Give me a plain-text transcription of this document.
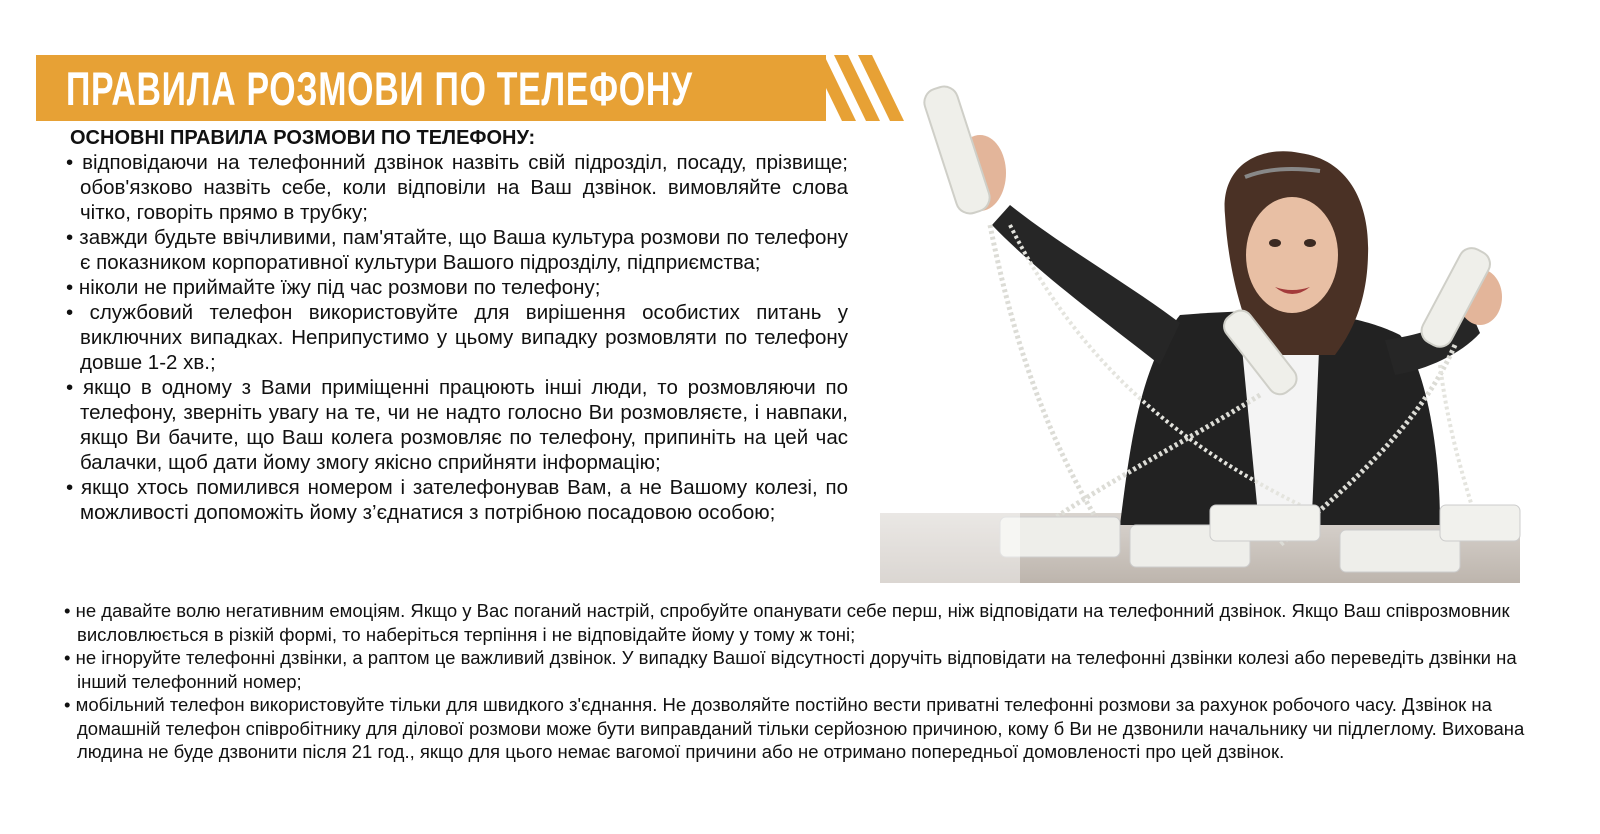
ПРАВИЛА РОЗМОВИ ПО ТЕЛЕФОНУ
ОСНОВНІ ПРАВИЛА РОЗМОВИ ПО ТЕЛЕФОНУ:
• відповідаючи на телефонний дзвінок назвіть свій підрозділ, посаду, прізвище; обов'язково назвіть себе, коли відповіли на Ваш дзвінок. вимовляйте слова чітко, говоріть прямо в трубку;
• завжди будьте ввічливими, пам'ятайте, що Ваша культура розмови по телефону є показником корпоративної культури Вашого підрозділу, підприємства;
• ніколи не приймайте їжу під час розмови по телефону;
• службовий телефон використовуйте для вирішення особистих питань у виключних випадках. Неприпустимо у цьому випадку розмовляти по телефону довше 1-2 хв.;
• якщо в одному з Вами приміщенні працюють інші люди, то розмовляючи по телефону, зверніть увагу на те, чи не надто голосно Ви розмовляєте, і навпаки, якщо Ви бачите, що Ваш колега розмовляє по телефону, припиніть на цей час балачки, щоб дати йому змогу якісно сприйняти інформацію;
• якщо хтось помилився номером і зателефонував Вам, а не Вашому колезі, по можливості допоможіть йому з’єднатися з потрібною посадовою особою;
• не давайте волю негативним емоціям. Якщо у Вас поганий настрій, спробуйте опанувати себе перш, ніж відповідати на телефонний дзвінок. Якщо Ваш співрозмовник висловлюється в різкій формі, то наберіться терпіння і не відповідайте йому у тому ж тоні;
• не ігноруйте телефонні дзвінки, а раптом це важливий дзвінок. У випадку Вашої відсутності доручіть відповідати на телефонні дзвінки колезі або переведіть дзвінки на інший телефонний номер;
• мобільний телефон використовуйте тільки для швидкого з'єднання. Не дозволяйте постійно вести приватні телефонні розмови за рахунок робочого часу. Дзвінок на домашній телефон співробітнику для ділової розмови може бути виправданий тільки серйозною причиною, кому б Ви не дзвонили начальнику чи підлеглому. Вихована людина не буде дзвонити після 21 год., якщо для цього немає вагомої причини або не отримано попередньої домовленості про цей дзвінок.
